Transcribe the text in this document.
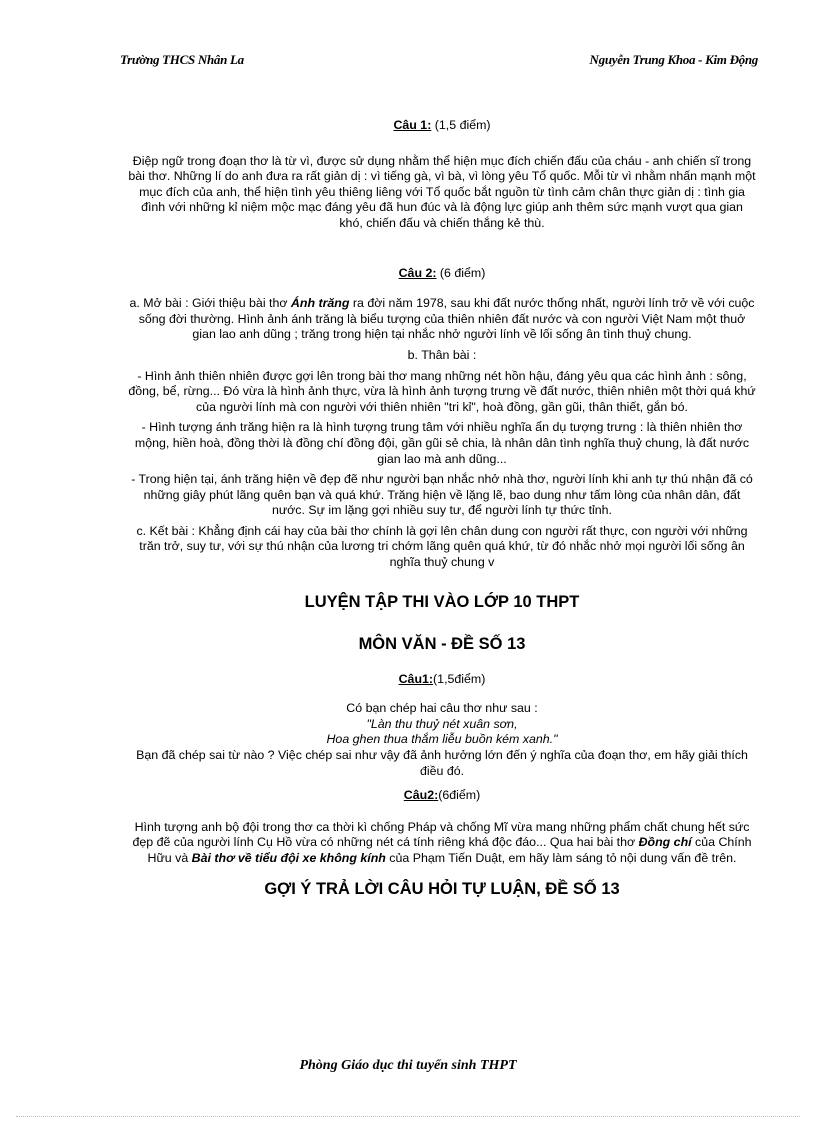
Trường THCS Nhân La	Nguyễn Trung Khoa - Kim Động

Câu 1: (1,5 điểm)

Điệp ngữ trong đoạn thơ là từ vì, được sử dụng nhằm thể hiện mục đích chiến đấu của cháu - anh chiến sĩ trong bài thơ. Những lí do anh đưa ra rất giản dị : vì tiếng gà, vì bà, vì lòng yêu Tổ quốc. Mỗi từ vì nhằm nhấn mạnh một mục đích của anh, thể hiện tình yêu thiêng liêng với Tổ quốc bắt nguồn từ tình cảm chân thực giản dị : tình gia đình với những kỉ niệm mộc mạc đáng yêu đã hun đúc và là động lực giúp anh thêm sức mạnh vượt qua gian khó, chiến đấu và chiến thắng kẻ thù.

Câu 2: (6 điểm)

a. Mở bài : Giới thiệu bài thơ Ánh trăng ra đời năm 1978, sau khi đất nước thống nhất, người lính trở về với cuộc sống đời thường. Hình ảnh ánh trăng là biểu tượng của thiên nhiên đất nước và con người Việt Nam một thuở gian lao anh dũng ; trăng trong hiện tại nhắc nhở người lính về lối sống ân tình thuỷ chung.

b. Thân bài :

- Hình ảnh thiên nhiên được gợi lên trong bài thơ mang những nét hồn hậu, đáng yêu qua các hình ảnh : sông, đồng, bể, rừng... Đó vừa là hình ảnh thực, vừa là hình ảnh tượng trưng về đất nước, thiên nhiên một thời quá khứ của người lính mà con người với thiên nhiên "tri kỉ", hoà đồng, gần gũi, thân thiết, gắn bó.

- Hình tượng ánh trăng hiện ra là hình tượng trung tâm với nhiều nghĩa ẩn dụ tượng trưng : là thiên nhiên thơ mộng, hiền hoà, đồng thời là đồng chí đồng đội, gần gũi sẻ chia, là nhân dân tình nghĩa thuỷ chung, là đất nước gian lao mà anh dũng...

- Trong hiện tại, ánh trăng hiện về đẹp đẽ như người bạn nhắc nhở nhà thơ, người lính khi anh tự thú nhận đã có những giây phút lãng quên bạn và quá khứ. Trăng hiện về lặng lẽ, bao dung như tấm lòng của nhân dân, đất nước. Sự im lặng gợi nhiều suy tư, để người lính tự thức tỉnh.

c. Kết bài : Khẳng định cái hay của bài thơ chính là gợi lên chân dung con người rất thực, con người với những trăn trở, suy tư, với sự thú nhận của lương tri chớm lãng quên quá khứ, từ đó nhắc nhở mọi người lối sống ân nghĩa thuỷ chung v

LUYỆN TẬP THI VÀO LỚP 10 THPT
MÔN VĂN - ĐỀ SỐ 13

Câu1:(1,5điểm)

Có bạn chép hai câu thơ như sau :

"Làn thu thuỷ nét xuân sơn,

Hoa ghen thua thắm liễu buồn kém xanh."

Bạn đã chép sai từ nào ? Việc chép sai như vậy đã ảnh hưởng lớn đến ý nghĩa của đoạn thơ, em hãy giải thích điều đó.

Câu2:(6điểm)

Hình tượng anh bộ đội trong thơ ca thời kì chống Pháp và chống Mĩ vừa mang những phẩm chất chung hết sức đẹp đẽ của người lính Cụ Hồ vừa có những nét cá tính riêng khá độc đáo... Qua hai bài thơ Đồng chí của Chính Hữu và Bài thơ về tiểu đội xe không kính của Phạm Tiến Duật, em hãy làm sáng tỏ nội dung vấn đề trên.

GỢI Ý TRẢ LỜI CÂU HỎI TỰ LUẬN, ĐỀ SỐ 13
Phòng Giáo dục thi tuyển sinh THPT
